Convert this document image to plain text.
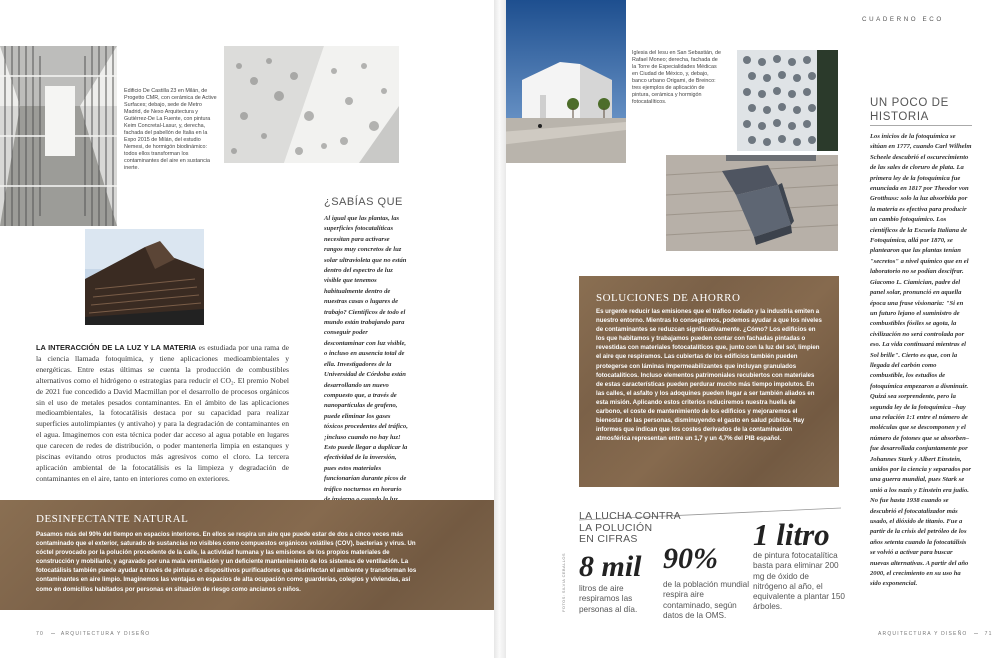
Edificio De Castilla 23 en Milán, de Progetto CMR, con cerámica de Active Surfaces; debajo, sede de Metro Madrid, de Nexo Arquitectura y Gutiérrez-De La Fuente, con pintura Keim Concretal-Lasur, y, derecha, fachada del pabellón de Italia en la Expo 2015 de Milán, del estudio Nemesi, de hormigón biodinámico: todos ellos transforman los contaminantes del aire en sustancia inerte.
LA INTERACCIÓN DE LA LUZ Y LA MATERIA es estudiada por una rama de la ciencia llamada fotoquímica, y tiene aplicaciones medioambientales y energéticas. Entre estas últimas se cuenta la producción de combustibles alternativos como el hidrógeno o estrategias para reducir el CO₂. El premio Nobel de 2021 fue concedido a David Macmillan por el desarrollo de procesos orgánicos sin el uso de metales pesados contaminantes. En el ámbito de las aplicaciones medioambientales, la fotocatálisis destaca por su capacidad para realizar superficies autolimpiantes (y antivaho) y para la degradación de contaminantes en el agua. Imaginemos con esta técnica poder dar acceso al agua potable en lugares que carecen de redes de distribución, o poder mantenerla limpia en estanques y piscinas evitando otros productos más agresivos como el cloro. La tercera aplicación ambiental de la fotocatálisis es la limpieza y degradación de contaminantes en el aire, tanto en interiores como en exteriores.
¿SABÍAS QUE
Al igual que las plantas, las superficies fotocatalíticas necesitan para activarse rangos muy concretos de luz solar ultravioleta que no están dentro del espectro de luz visible que tenemos habitualmente dentro de nuestras casas o lugares de trabajo? Científicos de todo el mundo están trabajando para conseguir poder descontaminar con luz visible, o incluso en ausencia total de ella. Investigadores de la Universidad de Córdoba están desarrollando un nuevo compuesto que, a través de nanopartículas de grafeno, puede eliminar los gases tóxicos procedentes del tráfico, ¡incluso cuando no hay luz! Esto puede llegar a duplicar la efectividad de la inversión, pues estos materiales funcionarían durante picos de tráfico nocturnos en horario
DESINFECTANTE NATURAL
Pasamos más del 90% del tiempo en espacios interiores. En ellos se respira un aire que puede estar de dos a cinco veces más contaminado que el exterior, saturado de sustancias no visibles como compuestos orgánicos volátiles (COV), bacterias y virus. Un cóctel provocado por la polución procedente de la calle, la actividad humana y las emisiones de los propios materiales de construcción y mobiliario, y agravado por una mala ventilación y un deficiente mantenimiento de los sistemas de ventilación. La fotocatálisis también puede ayudar a través de pinturas o dispositivos purificadores que desinfectan el ambiente y transforman los contaminantes en aire limpio. Imaginemos las ventajas en espacios de alta ocupación como guarderías, colegios y viviendas, así como en domicilios habitados por personas en situación de riesgo como ancianos o niños.
70	ARQUITECTURA Y DISEÑO
CUADERNO ECO
Iglesia del Iesu en San Sebastián, de Rafael Moneo; derecha, fachada de la Torre de Especialidades Médicas en Ciudad de México, y, debajo, banco urbano Origami, de Breinco: tres ejemplos de aplicación de pintura, cerámica y hormigón fotocatalíticos.	UN POCO DE HISTORIA
Los inicios de la fotoquímica se sitúan en 1777, cuando Carl Wilhelm Scheele descubrió el oscurecimiento de las sales de cloruro de plata. La primera ley de la fotoquímica fue enunciada en 1817 por Theodor von Grotthuss: solo la luz absorbida por la materia es efectiva para producir un cambio fotoquímico. Los científicos de la Escuela Italiana de Fotoquímica, allá por 1870, se plantearon que las plantas tenían "secretos" a nivel químico que en el laboratorio no se podían descifrar. Giacomo L. Ciamician, padre del panel solar, pronunció en aquella época una frase visionaria: "Si en un futuro lejano el suministro de combustibles fósiles se agota, la civilización no será controlada por eso. La vida continuará mientras el Sol brille". Cierto es que, con la llegada del carbón como combustible, los estudios de fotoquímica empezaron a disminuir. Quizá sea sorprendente, pero la segunda ley de la fotoquímica –hay una relación 1:1 entre el número de moléculas que se descomponen y el número de fotones que se absorben– fue desarrollada conjuntamente por Johannes Stark y Albert Einstein, unidos por la ciencia y separados por una guerra mundial, pues Stark se unió a los nazis y Einstein era judío. No fue hasta 1938 cuando se descubrió el fotocatalizador más usado, el dióxido de titanio. Fue a partir de la crisis del petróleo de los años setenta cuando la fotocatálisis se volvió a activar para buscar nuevas alternativas. A partir del año 2000, el crecimiento en su uso ha sido exponencial.
SOLUCIONES DE AHORRO
Es urgente reducir las emisiones que el tráfico rodado y la industria emiten a nuestro entorno. Mientras lo conseguimos, podemos ayudar a que los niveles de contaminantes se reduzcan significativamente. ¿Cómo? Los edificios en los que habitamos y trabajamos pueden contar con fachadas pintadas o revestidas con materiales fotocatalíticos que, junto con la luz del sol, limpien el aire que respiramos. Las cubiertas de los edificios también pueden protegerse con láminas impermeabilizantes que incluyan granulados fotocatalíticos. Incluso elementos patrimoniales recubiertos con materiales de estas características pueden perdurar mucho más tiempo impolutos. En las calles, el asfalto y los adoquines pueden llegar a ser también aliados en esta misión. Aplicando estos criterios reduciremos nuestra huella de carbono, el coste de mantenimiento de los edificios y mejoraremos el bienestar de las personas, disminuyendo el gasto en salud pública. Hay informes que indican que los costes derivados de la contaminación atmosférica representan entre un 1,7 y un 4,7% del PIB español.
LA LUCHA CONTRA
LA POLUCIÓN
EN CIFRAS
FOTOS: SILVIA CEBALLOS 8 mil
litros de aire respiramos las personas al día.
90%
de la población mundial respira aire contaminado, según datos de la OMS.
1 litro
de pintura fotocatalítica basta para eliminar 200 mg de óxido de nitrógeno al año, el equivalente a plantar 150 árboles.
ARQUITECTURA Y DISEÑO	71
